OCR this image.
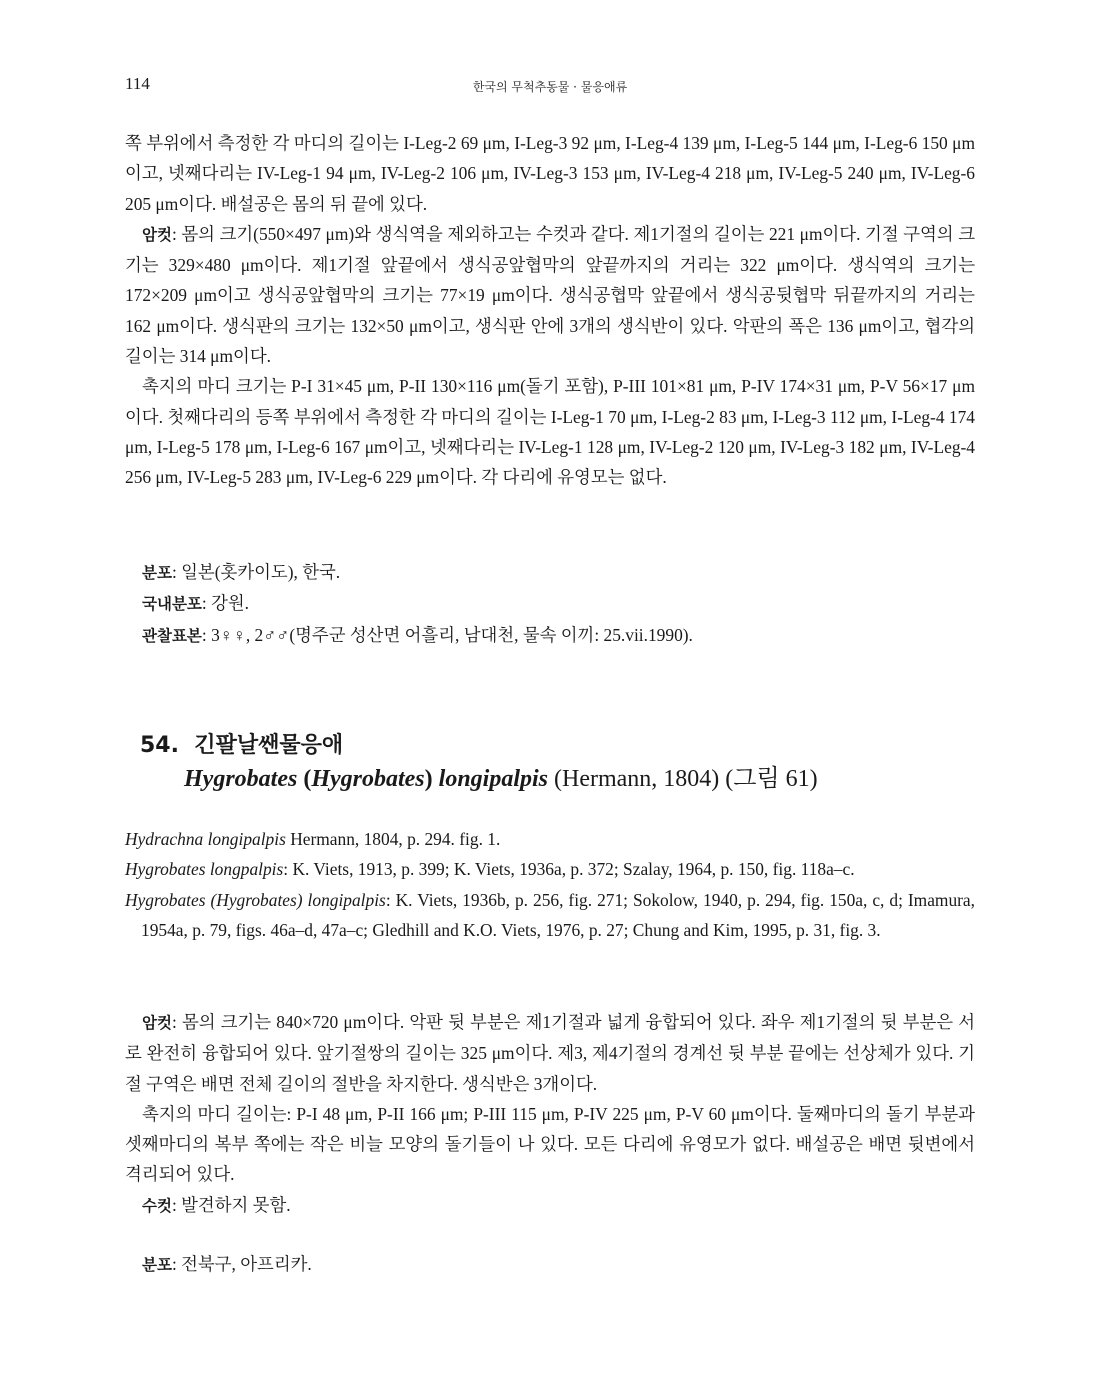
114	한국의 무척추동물 · 물응애류

쪽 부위에서 측정한 각 마디의 길이는 I-Leg-2 69 μm, I-Leg-3 92 μm, I-Leg-4 139 μm, I-Leg-5 144 μm, I-Leg-6 150 μm이고, 넷째다리는 IV-Leg-1 94 μm, IV-Leg-2 106 μm, IV-Leg-3 153 μm, IV-Leg-4 218 μm, IV-Leg-5 240 μm, IV-Leg-6 205 μm이다. 배설공은 몸의 뒤 끝에 있다.

암컷: 몸의 크기(550×497 μm)와 생식역을 제외하고는 수컷과 같다. 제1기절의 길이는 221 μm이다. 기절 구역의 크기는 329×480 μm이다. 제1기절 앞끝에서 생식공앞협막의 앞끝까지의 거리는 322 μm이다. 생식역의 크기는 172×209 μm이고 생식공앞협막의 크기는 77×19 μm이다. 생식공협막 앞끝에서 생식공뒷협막 뒤끝까지의 거리는 162 μm이다. 생식판의 크기는 132×50 μm이고, 생식판 안에 3개의 생식반이 있다. 악판의 폭은 136 μm이고, 협각의 길이는 314 μm이다.

촉지의 마디 크기는 P-I 31×45 μm, P-II 130×116 μm(돌기 포함), P-III 101×81 μm, P-IV 174×31 μm, P-V 56×17 μm이다. 첫째다리의 등쪽 부위에서 측정한 각 마디의 길이는 I-Leg-1 70 μm, I-Leg-2 83 μm, I-Leg-3 112 μm, I-Leg-4 174 μm, I-Leg-5 178 μm, I-Leg-6 167 μm이고, 넷째다리는 IV-Leg-1 128 μm, IV-Leg-2 120 μm, IV-Leg-3 182 μm, IV-Leg-4 256 μm, IV-Leg-5 283 μm, IV-Leg-6 229 μm이다. 각 다리에 유영모는 없다.

분포: 일본(홋카이도), 한국.

국내분포: 강원.

관찰표본: 3♀♀, 2♂♂(명주군 성산면 어흘리, 남대천, 물속 이끼: 25.vii.1990).

54. 긴팔날쌘물응애
Hygrobates (Hygrobates) longipalpis (Hermann, 1804) (그림 61)

Hydrachna longipalpis Hermann, 1804, p. 294. fig. 1.

Hygrobates longpalpis: K. Viets, 1913, p. 399; K. Viets, 1936a, p. 372; Szalay, 1964, p. 150, fig. 118a–c.

Hygrobates (Hygrobates) longipalpis: K. Viets, 1936b, p. 256, fig. 271; Sokolow, 1940, p. 294, fig. 150a, c, d; Imamura, 1954a, p. 79, figs. 46a–d, 47a–c; Gledhill and K.O. Viets, 1976, p. 27; Chung and Kim, 1995, p. 31, fig. 3.

암컷: 몸의 크기는 840×720 μm이다. 악판 뒷 부분은 제1기절과 넓게 융합되어 있다. 좌우 제1기절의 뒷 부분은 서로 완전히 융합되어 있다. 앞기절쌍의 길이는 325 μm이다. 제3, 제4기절의 경계선 뒷 부분 끝에는 선상체가 있다. 기절 구역은 배면 전체 길이의 절반을 차지한다. 생식반은 3개이다.

촉지의 마디 길이는: P-I 48 μm, P-II 166 μm; P-III 115 μm, P-IV 225 μm, P-V 60 μm이다. 둘째마디의 돌기 부분과 셋째마디의 복부 쪽에는 작은 비늘 모양의 돌기들이 나 있다. 모든 다리에 유영모가 없다. 배설공은 배면 뒷변에서 격리되어 있다.

수컷: 발견하지 못함.

분포: 전북구, 아프리카.
